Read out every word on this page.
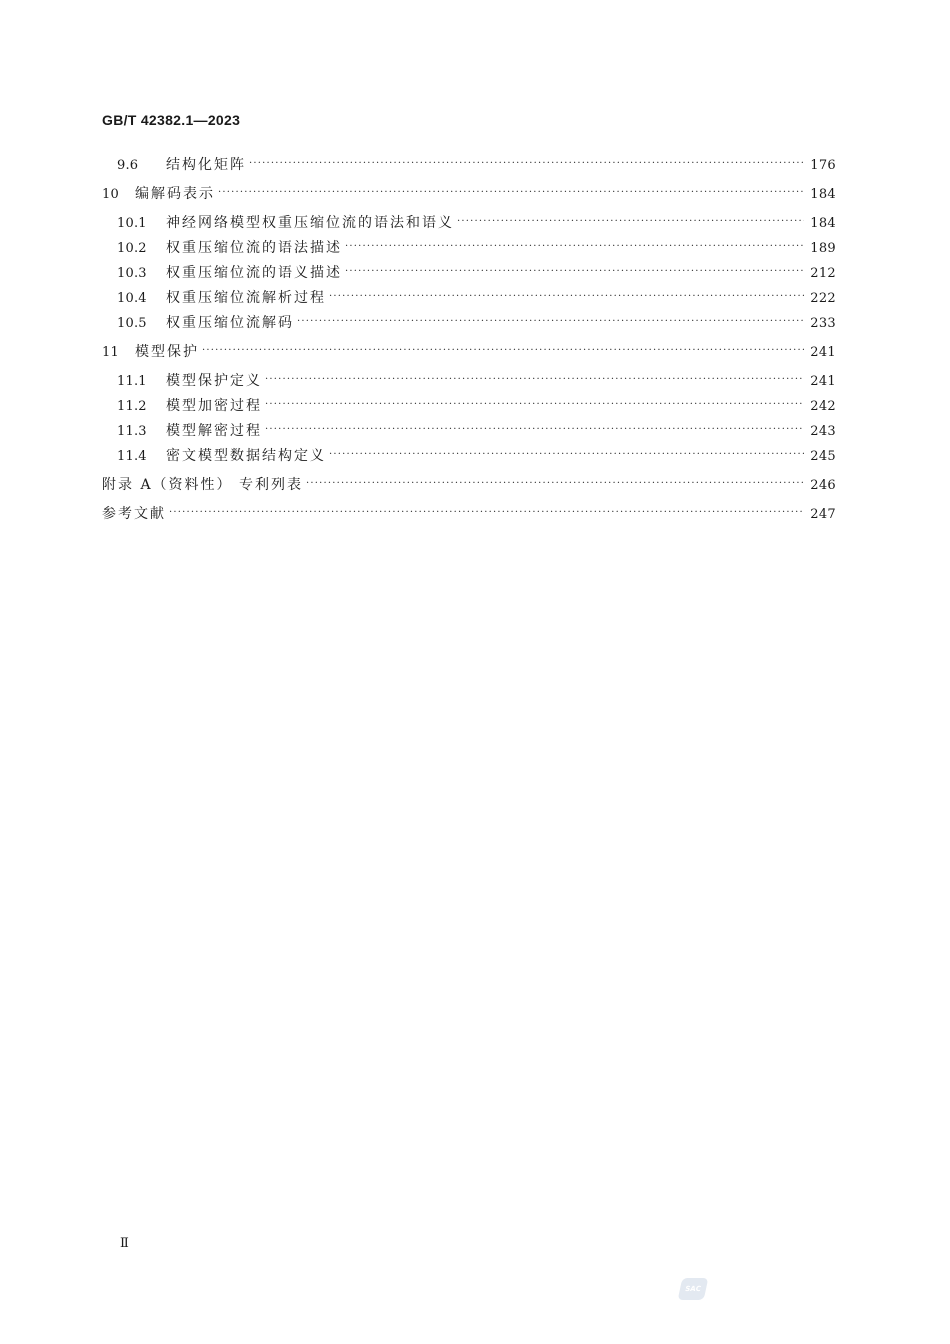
GB/T 42382.1—2023
9.6	结构化矩阵 ·····	176
10	编解码表示 ·····	184
10.1	神经网络模型权重压缩位流的语法和语义 ·····	184
10.2	权重压缩位流的语法描述 ·····	189
10.3	权重压缩位流的语义描述 ·····	212
10.4	权重压缩位流解析过程 ·····	222
10.5	权重压缩位流解码 ·····	233
11	模型保护 ·····	241
11.1	模型保护定义 ·····	241
11.2	模型加密过程 ·····	242
11.3	模型解密过程 ·····	243
11.4	密文模型数据结构定义 ·····	245
附录 A（资料性） 专利列表 ·····	246
参考文献 ·····	247
Ⅱ
SAC
